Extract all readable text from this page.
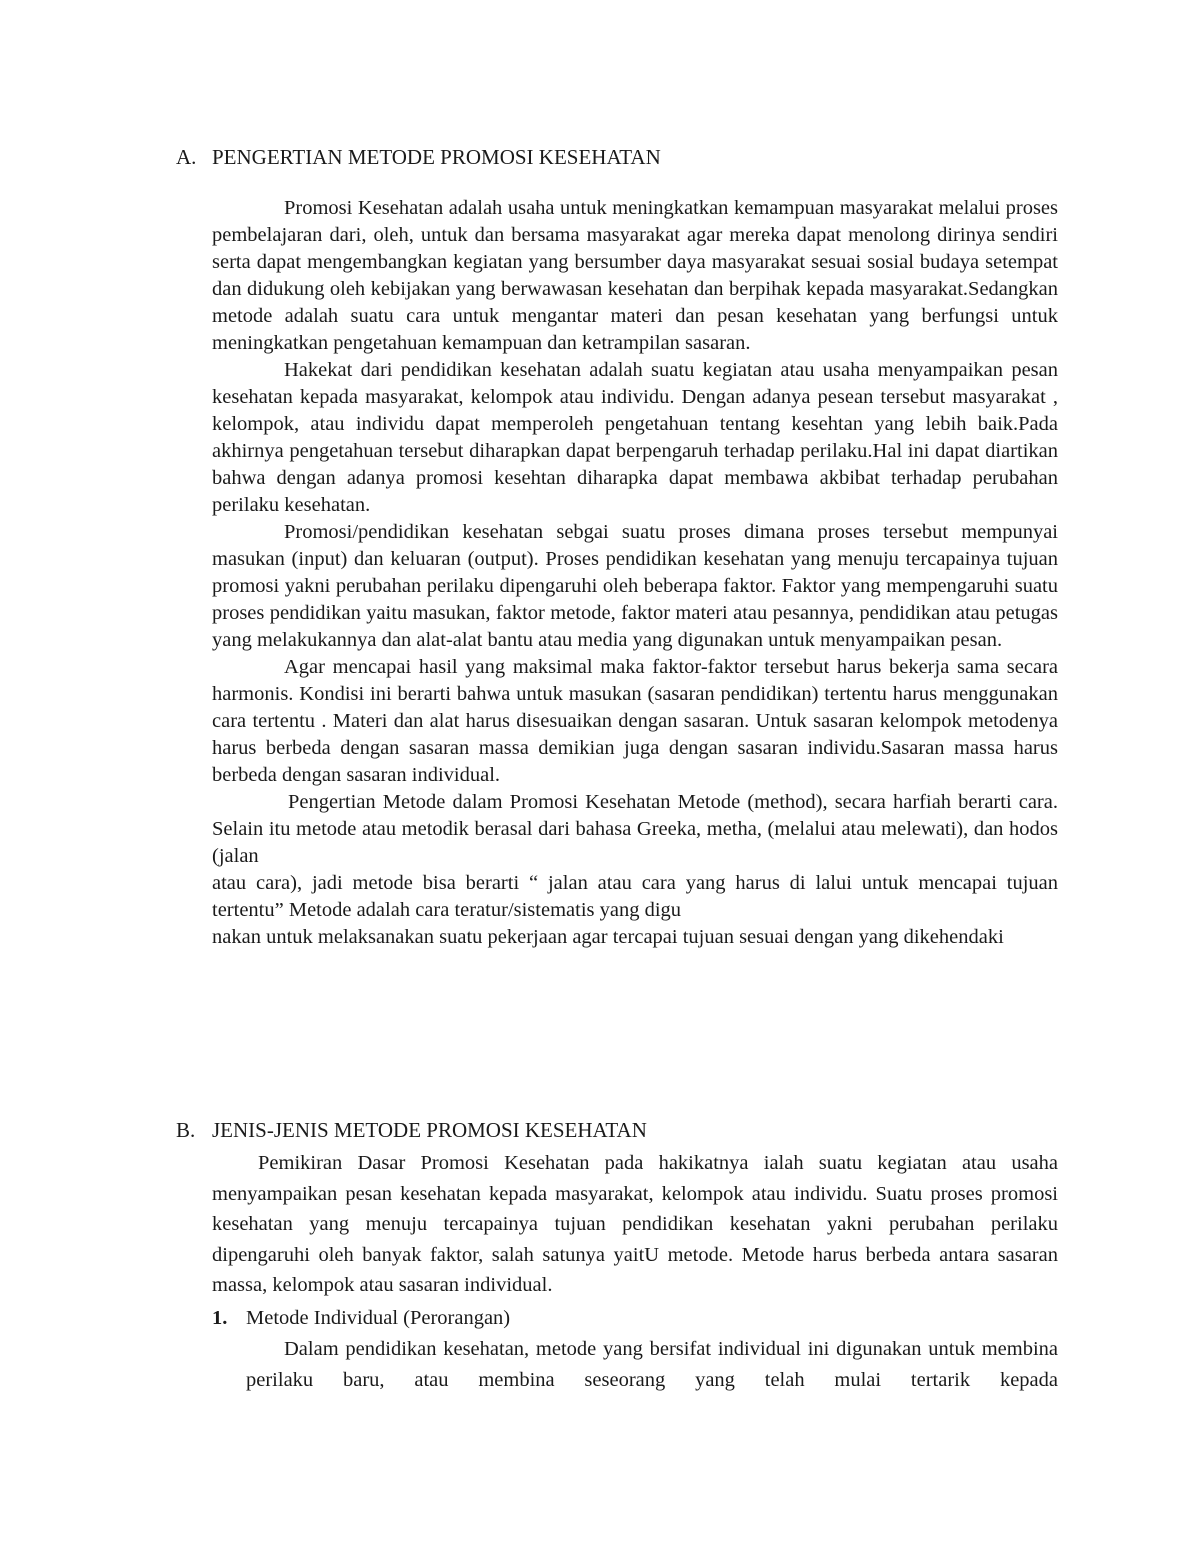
A. PENGERTIAN METODE PROMOSI KESEHATAN

Promosi Kesehatan adalah usaha untuk meningkatkan kemampuan masyarakat melalui proses pembelajaran dari, oleh, untuk dan bersama masyarakat agar mereka dapat menolong dirinya sendiri serta dapat mengembangkan kegiatan yang bersumber daya masyarakat sesuai sosial budaya setempat dan didukung oleh kebijakan yang berwawasan kesehatan dan berpihak kepada masyarakat.Sedangkan metode adalah suatu cara untuk mengantar materi dan pesan kesehatan yang berfungsi untuk meningkatkan pengetahuan kemampuan dan ketrampilan sasaran.

Hakekat dari pendidikan kesehatan adalah suatu kegiatan atau usaha menyampaikan pesan kesehatan kepada masyarakat, kelompok atau individu. Dengan adanya pesean tersebut masyarakat , kelompok, atau individu dapat memperoleh pengetahuan tentang kesehtan yang lebih baik.Pada akhirnya pengetahuan tersebut diharapkan dapat berpengaruh terhadap perilaku.Hal ini dapat diartikan bahwa dengan adanya promosi kesehtan diharapka dapat membawa akbibat terhadap perubahan perilaku kesehatan.

Promosi/pendidikan kesehatan sebgai suatu proses dimana proses tersebut mempunyai masukan (input) dan keluaran (output). Proses pendidikan kesehatan yang menuju tercapainya tujuan promosi yakni perubahan perilaku dipengaruhi oleh beberapa faktor. Faktor yang mempengaruhi suatu proses pendidikan yaitu masukan, faktor metode, faktor materi atau pesannya, pendidikan atau petugas yang melakukannya dan alat-alat bantu atau media yang digunakan untuk menyampaikan pesan.

Agar mencapai hasil yang maksimal maka faktor-faktor tersebut harus bekerja sama secara harmonis. Kondisi ini berarti bahwa untuk masukan (sasaran pendidikan) tertentu harus menggunakan cara tertentu . Materi dan alat harus disesuaikan dengan sasaran. Untuk sasaran kelompok metodenya harus berbeda dengan sasaran massa demikian juga dengan sasaran individu.Sasaran massa harus berbeda dengan sasaran individual.

Pengertian Metode dalam Promosi Kesehatan Metode (method), secara harfiah berarti cara. Selain itu metode atau metodik berasal dari bahasa Greeka, metha, (melalui atau melewati), dan hodos (jalan

atau cara), jadi metode bisa berarti “ jalan atau cara yang harus di lalui untuk mencapai tujuan tertentu” Metode adalah cara teratur/sistematis yang digu

nakan untuk melaksanakan suatu pekerjaan agar tercapai tujuan sesuai dengan yang dikehendaki

B. JENIS-JENIS METODE PROMOSI KESEHATAN

Pemikiran Dasar Promosi Kesehatan pada hakikatnya ialah suatu kegiatan atau usaha menyampaikan pesan kesehatan kepada masyarakat, kelompok atau individu. Suatu proses promosi kesehatan yang menuju tercapainya tujuan pendidikan kesehatan yakni perubahan perilaku dipengaruhi oleh banyak faktor, salah satunya yaitU metode. Metode harus berbeda antara sasaran massa, kelompok atau sasaran individual.

1. Metode Individual (Perorangan)

Dalam pendidikan kesehatan, metode yang bersifat individual ini digunakan untuk membina perilaku baru, atau membina seseorang yang telah mulai tertarik kepada
